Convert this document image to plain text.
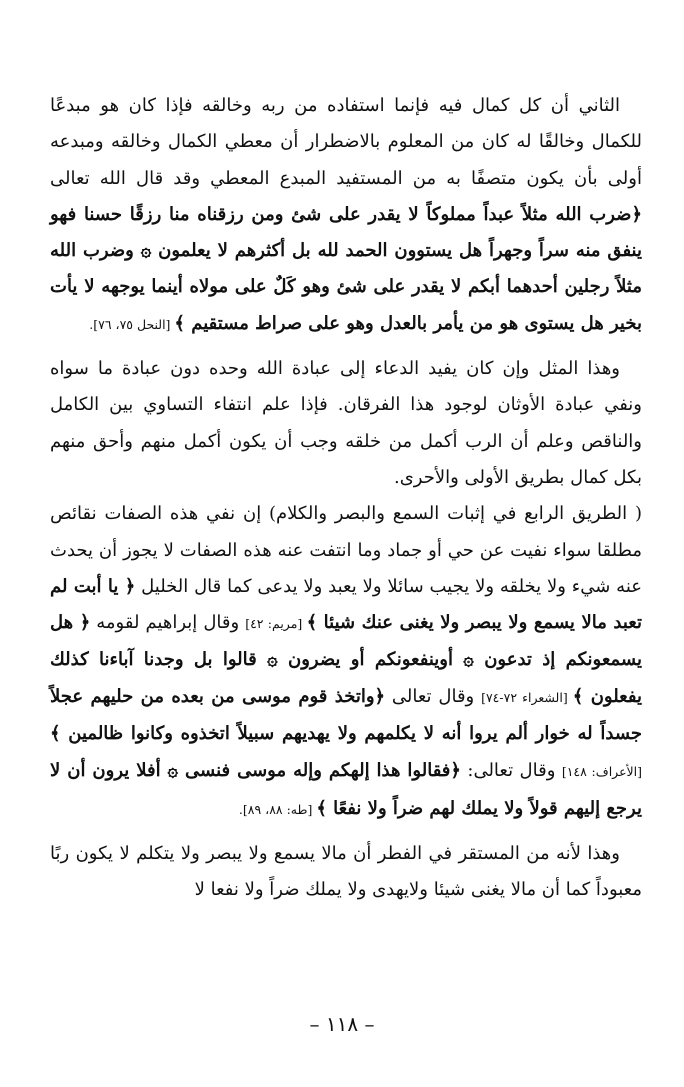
الثاني أن كل كمال فيه فإنما استفاده من ربه وخالقه فإذا كان هو مبدعًا للكمال وخالقًا له كان من المعلوم بالاضطرار أن معطي الكمال وخالقه ومبدعه أولى بأن يكون متصفًا به من المستفيد المبدع المعطي وقد قال الله تعالى ﴿ضرب الله مثلاً عبداً مملوكاً لا يقدر على شئ ومن رزقناه منا رزقًا حسنا فهو ينفق منه سراً وجهراً هل يستوون الحمد لله بل أكثرهم لا يعلمون ۞ وضرب الله مثلاً رجلين أحدهما أبكم لا يقدر على شئ وهو كَلٌ على مولاه أينما يوجهه لا يأت بخير هل يستوى هو من يأمر بالعدل وهو على صراط مستقيم ﴾ [النحل ٧٥، ٧٦].

وهذا المثل وإن كان يفيد الدعاء إلى عبادة الله وحده دون عبادة ما سواه ونفي عبادة الأوثان لوجود هذا الفرقان. فإذا علم انتفاء التساوي بين الكامل والناقص وعلم أن الرب أكمل من خلقه وجب أن يكون أكمل منهم وأحق منهم بكل كمال بطريق الأولى والأحرى.

( الطريق الرابع في إثبات السمع والبصر والكلام) إن نفي هذه الصفات نقائص مطلقا سواء نفيت عن حي أو جماد وما انتفت عنه هذه الصفات لا يجوز أن يحدث عنه شيء ولا يخلقه ولا يجيب سائلا ولا يعبد ولا يدعى كما قال الخليل ﴿ يا أبت لم تعبد مالا يسمع ولا يبصر ولا يغنى عنك شيئا ﴾ [مريم: ٤٢] وقال إبراهيم لقومه ﴿ هل يسمعونكم إذ تدعون ۞ أوينفعونكم أو يضرون ۞ قالوا بل وجدنا آباءنا كذلك يفعلون ﴾ [الشعراء ٧٢-٧٤] وقال تعالى ﴿واتخذ قوم موسى من بعده من حليهم عجلاً جسداً له خوار ألم يروا أنه لا يكلمهم ولا يهديهم سبيلاً اتخذوه وكانوا ظالمين ﴾ [الأعراف: ١٤٨] وقال تعالى: ﴿فقالوا هذا إلهكم وإله موسى فنسى ۞ أفلا يرون أن لا يرجع إليهم قولاً ولا يملك لهم ضراً ولا نفعًا ﴾ [طه: ٨٨، ٨٩].

وهذا لأنه من المستقر في الفطر أن مالا يسمع ولا يبصر ولا يتكلم لا يكون ربًا معبوداً كما أن مالا يغنى شيئا ولايهدى ولا يملك ضراً ولا نفعا لا

– ١١٨ –
